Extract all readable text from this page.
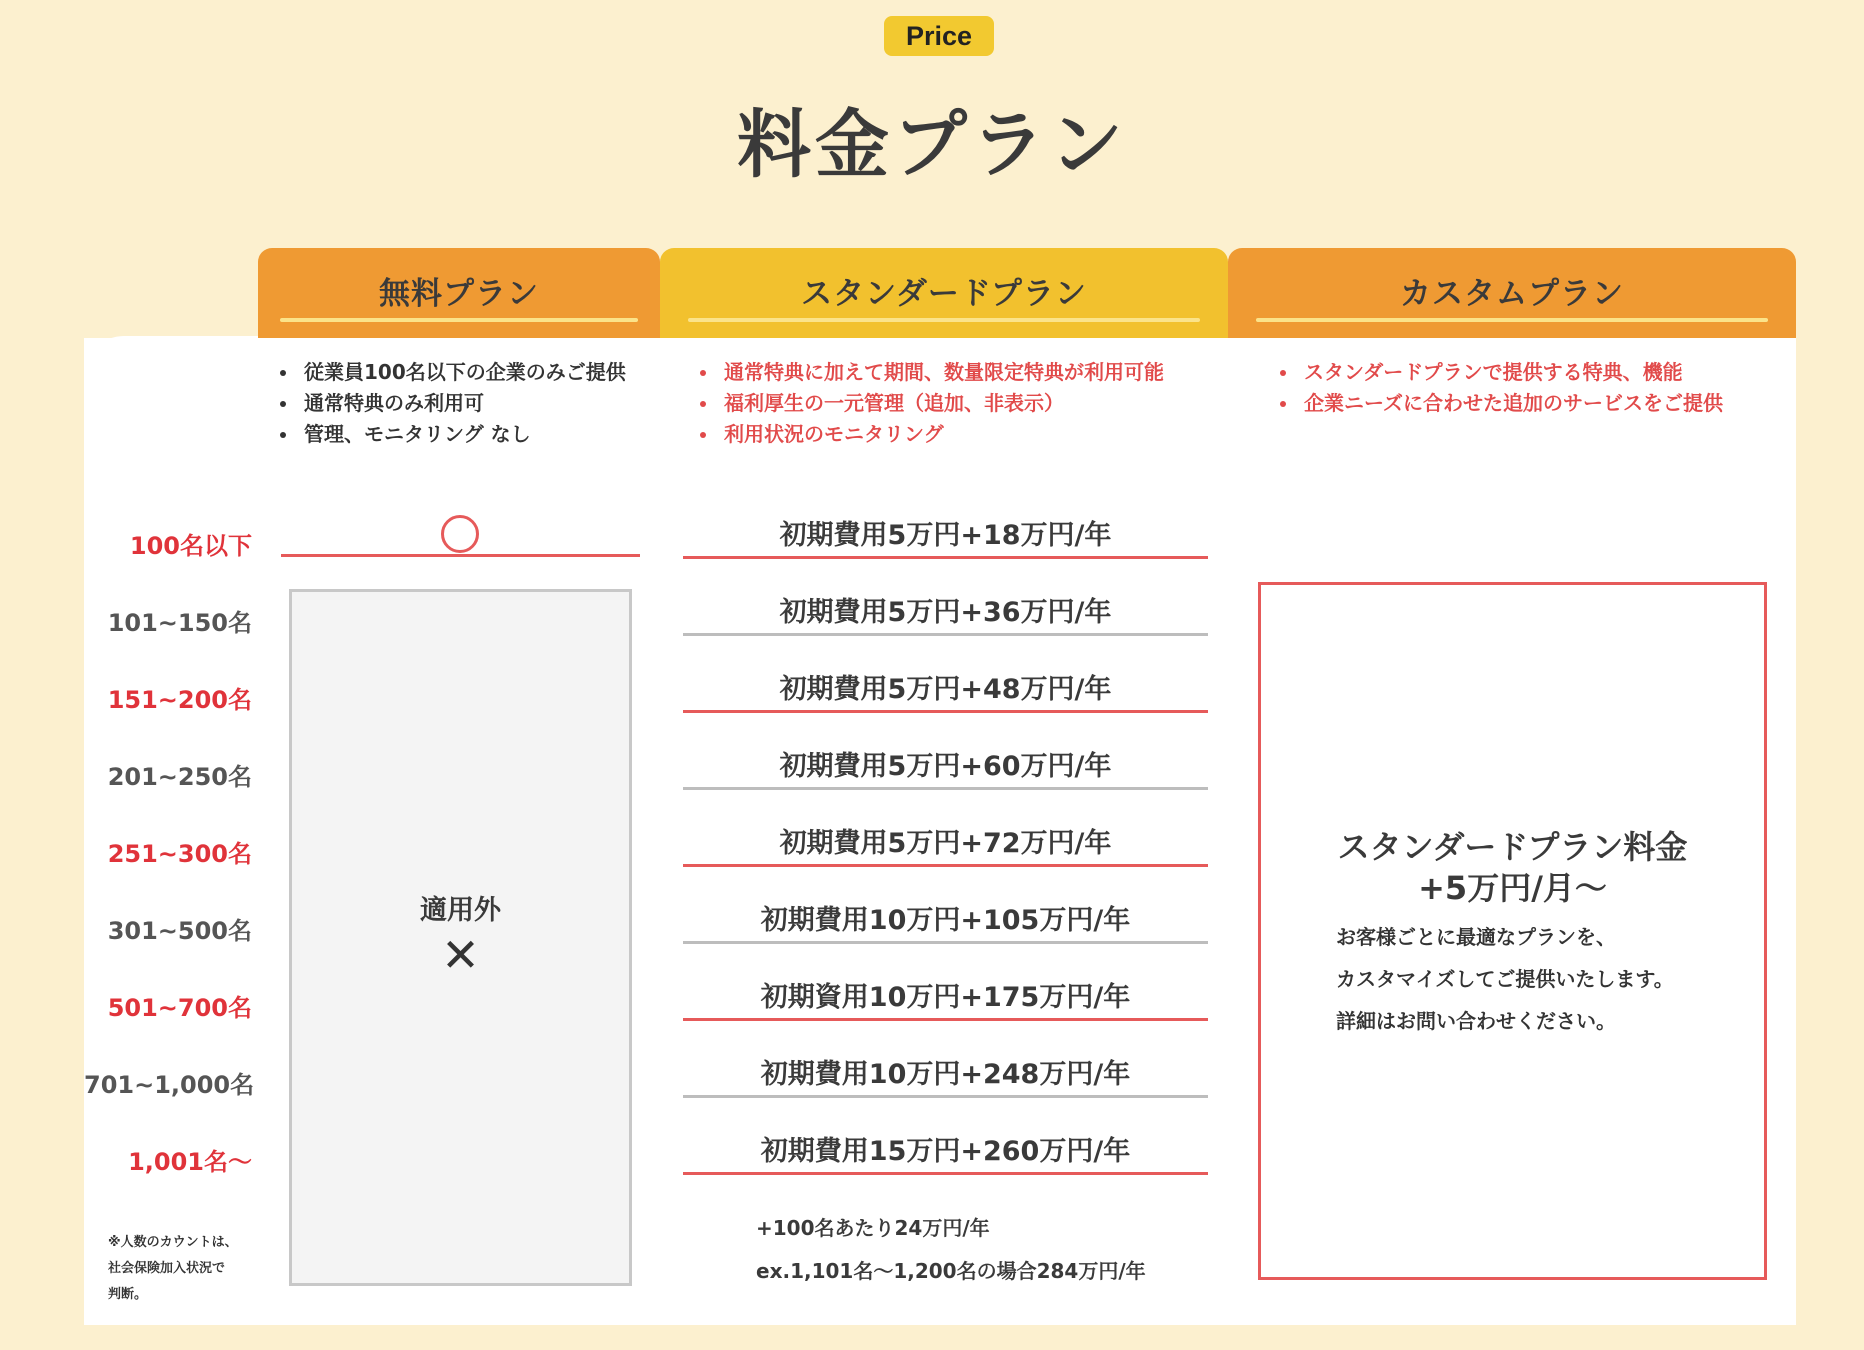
Price
料金プラン
無料プラン	スタンダードプラン	カスタムプラン
従業員100名以下の企業のみご提供
通常特典のみ利用可
管理、モニタリング なし
通常特典に加えて期間、数量限定特典が利用可能
福利厚生の一元管理（追加、非表示）
利用状況のモニタリング
スタンダードプランで提供する特典、機能
企業ニーズに合わせた追加のサービスをご提供
100名以下
101~150名
151~200名
201~250名
251~300名
301~500名
501~700名
701~1,000名
1,001名〜
適用外
✕
初期費用5万円+18万円/年
初期費用5万円+36万円/年
初期費用5万円+48万円/年
初期費用5万円+60万円/年
初期費用5万円+72万円/年
初期費用10万円+105万円/年
初期資用10万円+175万円/年
初期費用10万円+248万円/年
初期費用15万円+260万円/年
+100名あたり24万円/年
ex.1,101名〜1,200名の場合284万円/年
スタンダードプラン料金
+5万円/月〜
お客様ごとに最適なプランを、
カスタマイズしてご提供いたします。
詳細はお問い合わせください。
※人数のカウントは、
社会保険加入状況で
判断。
